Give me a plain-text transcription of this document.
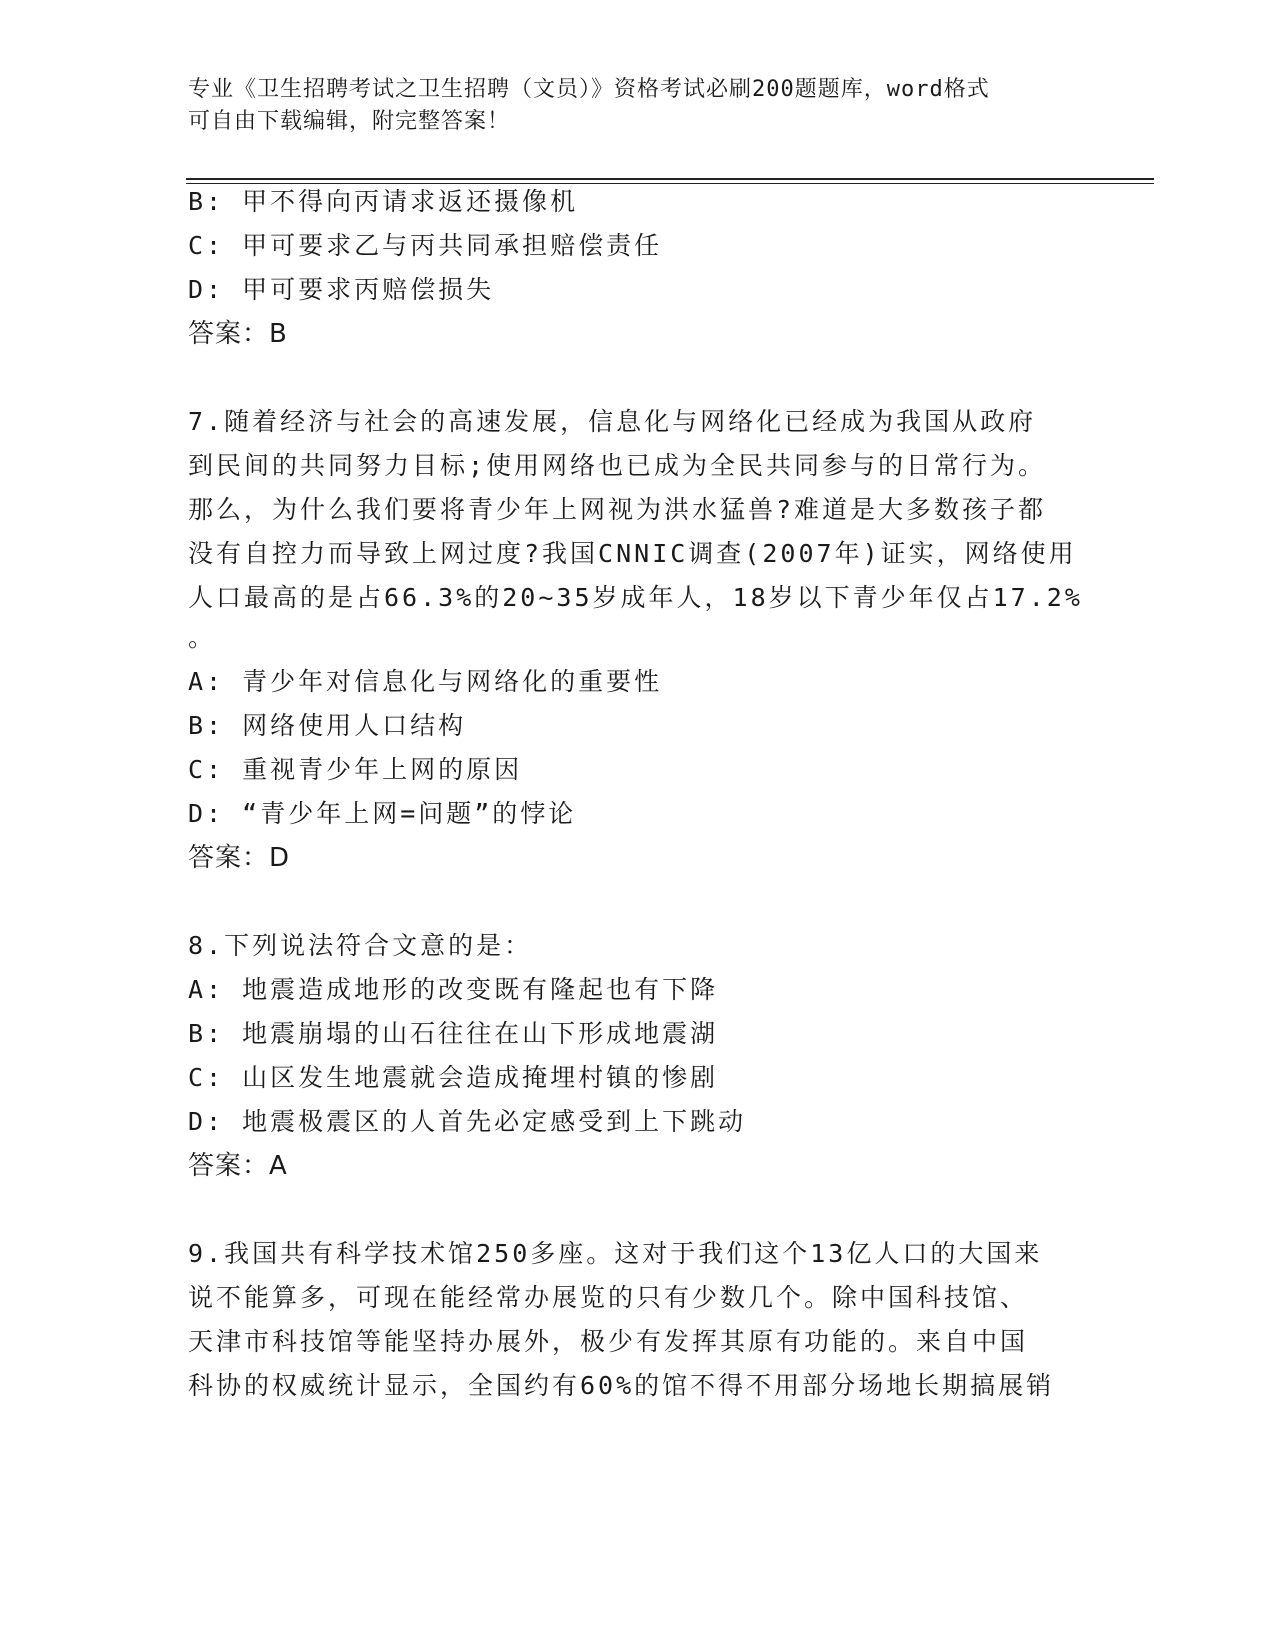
专业《卫生招聘考试之卫生招聘（文员）》资格考试必刷200题题库，word格式
可自由下载编辑，附完整答案！
B: 甲不得向丙请求返还摄像机
C: 甲可要求乙与丙共同承担赔偿责任
D: 甲可要求丙赔偿损失
答案：B
7.随着经济与社会的高速发展，信息化与网络化已经成为我国从政府
到民间的共同努力目标;使用网络也已成为全民共同参与的日常行为。
那么，为什么我们要将青少年上网视为洪水猛兽?难道是大多数孩子都
没有自控力而导致上网过度?我国CNNIC调查(2007年)证实，网络使用
人口最高的是占66.3%的20~35岁成年人，18岁以下青少年仅占17.2%
。
A: 青少年对信息化与网络化的重要性
B: 网络使用人口结构
C: 重视青少年上网的原因
D: “青少年上网=问题”的悖论
答案：D
8.下列说法符合文意的是：
A: 地震造成地形的改变既有隆起也有下降
B: 地震崩塌的山石往往在山下形成地震湖
C: 山区发生地震就会造成掩埋村镇的惨剧
D: 地震极震区的人首先必定感受到上下跳动
答案：A
9.我国共有科学技术馆250多座。这对于我们这个13亿人口的大国来
说不能算多，可现在能经常办展览的只有少数几个。除中国科技馆、
天津市科技馆等能坚持办展外，极少有发挥其原有功能的。来自中国
科协的权威统计显示，全国约有60%的馆不得不用部分场地长期搞展销
